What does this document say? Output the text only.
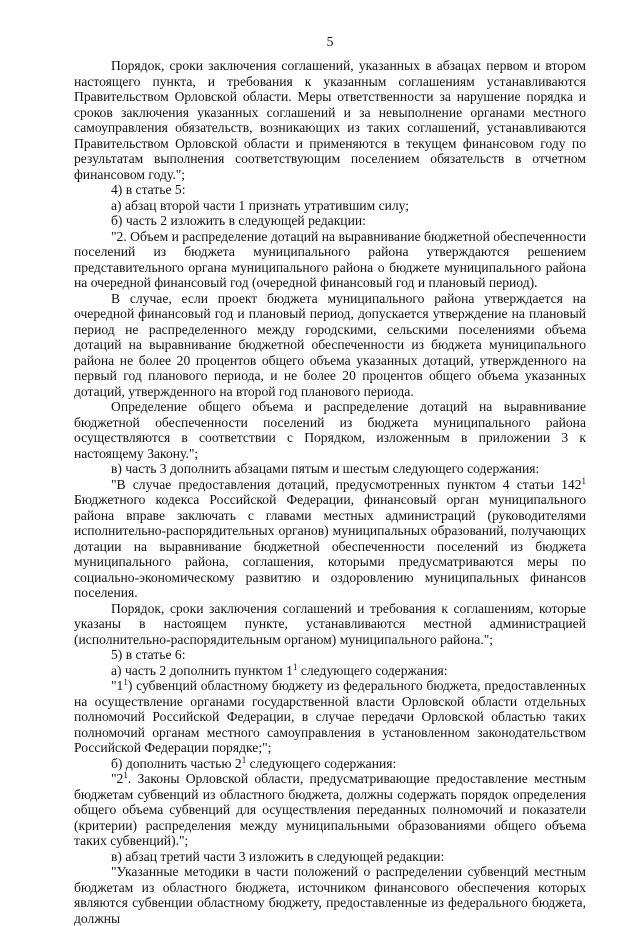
5

Порядок, сроки заключения соглашений, указанных в абзацах первом и втором настоящего пункта, и требования к указанным соглашениям устанавливаются Правительством Орловской области. Меры ответственности за нарушение порядка и сроков заключения указанных соглашений и за невыполнение органами местного самоуправления обязательств, возникающих из таких соглашений, устанавливаются Правительством Орловской области и применяются в текущем финансовом году по результатам выполнения соответствующим поселением обязательств в отчетном финансовом году.";

4) в статье 5:

а) абзац второй части 1 признать утратившим силу;

б) часть 2 изложить в следующей редакции:

"2. Объем и распределение дотаций на выравнивание бюджетной обеспеченности поселений из бюджета муниципального района утверждаются решением представительного органа муниципального района о бюджете муниципального района на очередной финансовый год (очередной финансовый год и плановый период).

В случае, если проект бюджета муниципального района утверждается на очередной финансовый год и плановый период, допускается утверждение на плановый период не распределенного между городскими, сельскими поселениями объема дотаций на выравнивание бюджетной обеспеченности из бюджета муниципального района не более 20 процентов общего объема указанных дотаций, утвержденного на первый год планового периода, и не более 20 процентов общего объема указанных дотаций, утвержденного на второй год планового периода.

Определение общего объема и распределение дотаций на выравнивание бюджетной обеспеченности поселений из бюджета муниципального района осуществляются в соответствии с Порядком, изложенным в приложении 3 к настоящему Закону.";

в) часть 3 дополнить абзацами пятым и шестым следующего содержания:

"В случае предоставления дотаций, предусмотренных пунктом 4 статьи $142^1$ Бюджетного кодекса Российской Федерации, финансовый орган муниципального района вправе заключать с главами местных администраций (руководителями исполнительно-распорядительных органов) муниципальных образований, получающих дотации на выравнивание бюджетной обеспеченности поселений из бюджета муниципального района, соглашения, которыми предусматриваются меры по социально-экономическому развитию и оздоровлению муниципальных финансов поселения.

Порядок, сроки заключения соглашений и требования к соглашениям, которые указаны в настоящем пункте, устанавливаются местной администрацией (исполнительно-распорядительным органом) муниципального района.";

5) в статье 6:

а) часть 2 дополнить пунктом $1^1$ следующего содержания:

"$1^1$) субвенций областному бюджету из федерального бюджета, предоставленных на осуществление органами государственной власти Орловской области отдельных полномочий Российской Федерации, в случае передачи Орловской областью таких полномочий органам местного самоуправления в установленном законодательством Российской Федерации порядке;";

б) дополнить частью $2^1$ следующего содержания:

"$2^1$. Законы Орловской области, предусматривающие предоставление местным бюджетам субвенций из областного бюджета, должны содержать порядок определения общего объема субвенций для осуществления переданных полномочий и показатели (критерии) распределения между муниципальными образованиями общего объема таких субвенций).";

в) абзац третий части 3 изложить в следующей редакции:

"Указанные методики в части положений о распределении субвенций местным бюджетам из областного бюджета, источником финансового обеспечения которых являются субвенции областному бюджету, предоставленные из федерального бюджета, должны
